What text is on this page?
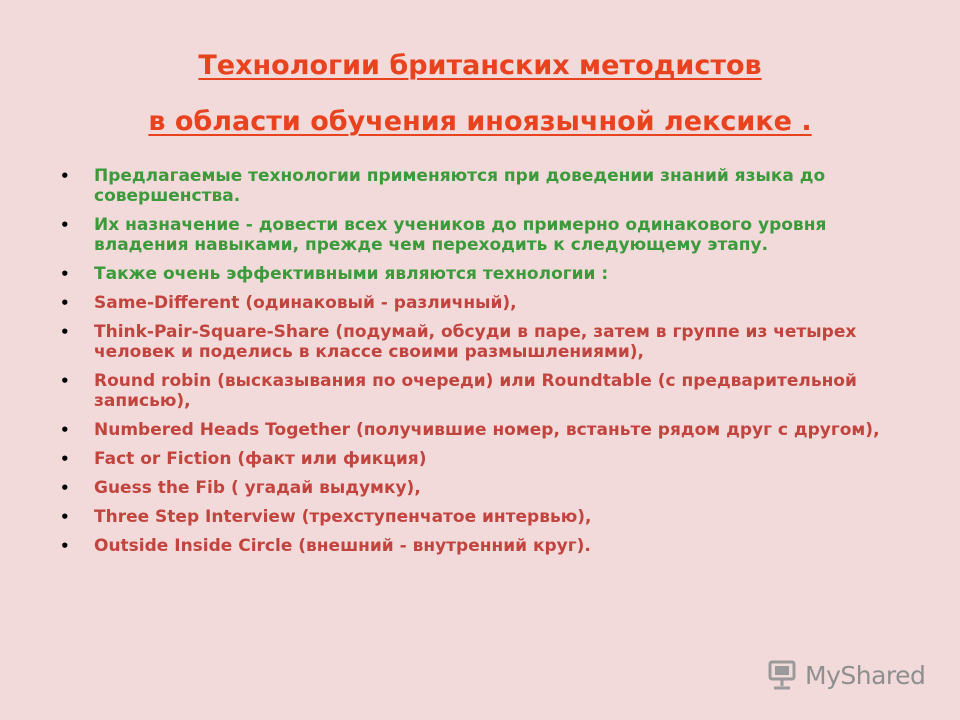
Технологии британских методистов
в области обучения иноязычной лексике .
• Предлагаемые технологии применяются при доведении знаний языка до совершенства.
• Их назначение - довести всех учеников до примерно одинакового уровня владения навыками, прежде чем переходить к следующему этапу.
• Также очень эффективными являются технологии :
• Same-Different (одинаковый - различный),
• Think-Pair-Square-Share (подумай, обсуди в паре, затем в группе из четырех человек и поделись в классе своими размышлениями),
• Round robin (высказывания по очереди) или Roundtable (с предварительной записью),
• Numbered Heads Together (получившие номер, встаньте рядом друг с другом),
• Fact or Fiction (факт или фикция)
• Guess the Fib ( угадай выдумку),
• Three Step Interview (трехступенчатое интервью),
• Outside Inside Circle (внешний - внутренний круг).
MyShared
